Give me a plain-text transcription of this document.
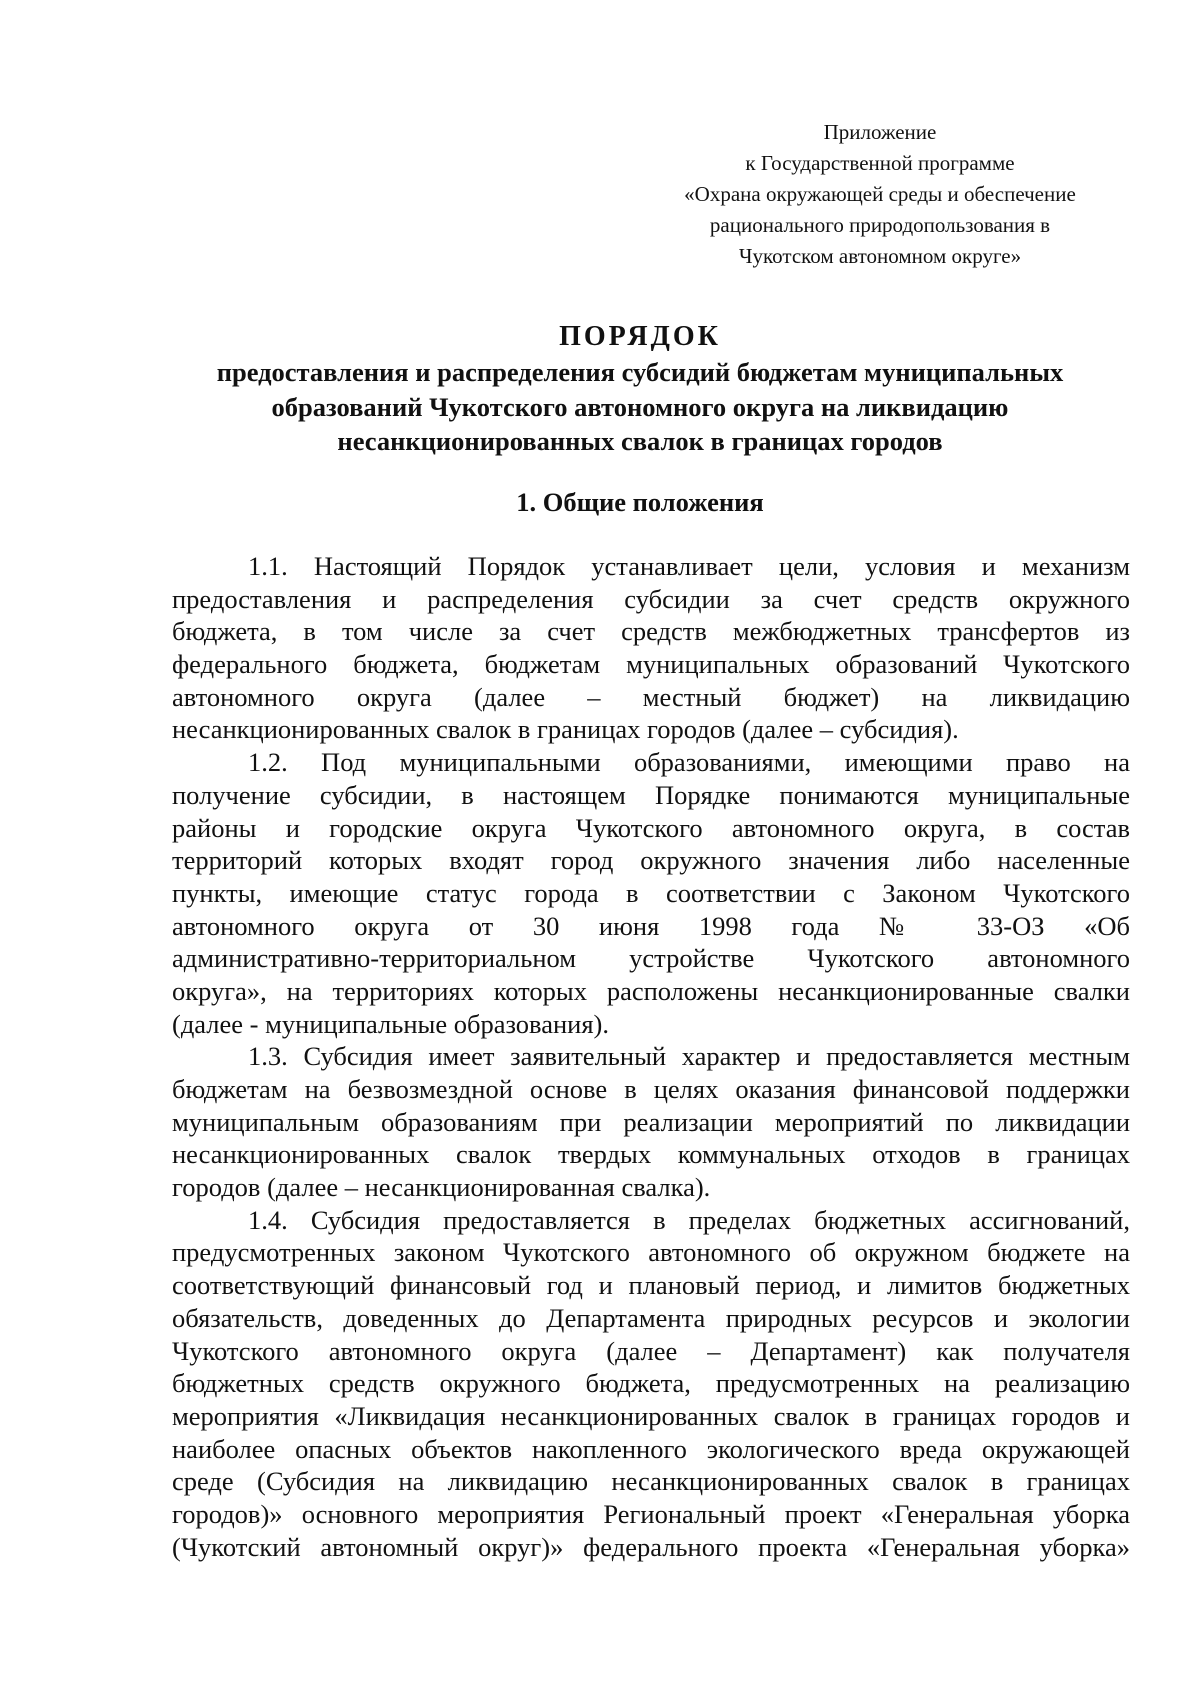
Приложение
к Государственной программе
«Охрана окружающей среды и обеспечение
рационального природопользования в
Чукотском автономном округе»
ПОРЯДОК
предоставления и распределения субсидий бюджетам муниципальных
образований Чукотского автономного округа на ликвидацию
несанкционированных свалок в границах городов
1. Общие положения
1.1. Настоящий Порядок устанавливает цели, условия и механизм
предоставления и распределения субсидии за счет средств окружного
бюджета, в том числе за счет средств межбюджетных трансфертов из
федерального бюджета, бюджетам муниципальных образований Чукотского
автономного округа (далее – местный бюджет) на ликвидацию
несанкционированных свалок в границах городов (далее – субсидия).
1.2. Под муниципальными образованиями, имеющими право на
получение субсидии, в настоящем Порядке понимаются муниципальные
районы и городские округа Чукотского автономного округа, в состав
территорий которых входят город окружного значения либо населенные
пункты, имеющие статус города в соответствии с Законом Чукотского
автономного округа от 30 июня 1998 года № 33-ОЗ «Об
административно-территориальном устройстве Чукотского автономного
округа», на территориях которых расположены несанкционированные свалки
(далее - муниципальные образования).
1.3. Субсидия имеет заявительный характер и предоставляется местным
бюджетам на безвозмездной основе в целях оказания финансовой поддержки
муниципальным образованиям при реализации мероприятий по ликвидации
несанкционированных свалок твердых коммунальных отходов в границах
городов (далее – несанкционированная свалка).
1.4. Субсидия предоставляется в пределах бюджетных ассигнований,
предусмотренных законом Чукотского автономного об окружном бюджете на
соответствующий финансовый год и плановый период, и лимитов бюджетных
обязательств, доведенных до Департамента природных ресурсов и экологии
Чукотского автономного округа (далее – Департамент) как получателя
бюджетных средств окружного бюджета, предусмотренных на реализацию
мероприятия «Ликвидация несанкционированных свалок в границах городов и
наиболее опасных объектов накопленного экологического вреда окружающей
среде (Субсидия на ликвидацию несанкционированных свалок в границах
городов)» основного мероприятия Региональный проект «Генеральная уборка
(Чукотский автономный округ)» федерального проекта «Генеральная уборка»
